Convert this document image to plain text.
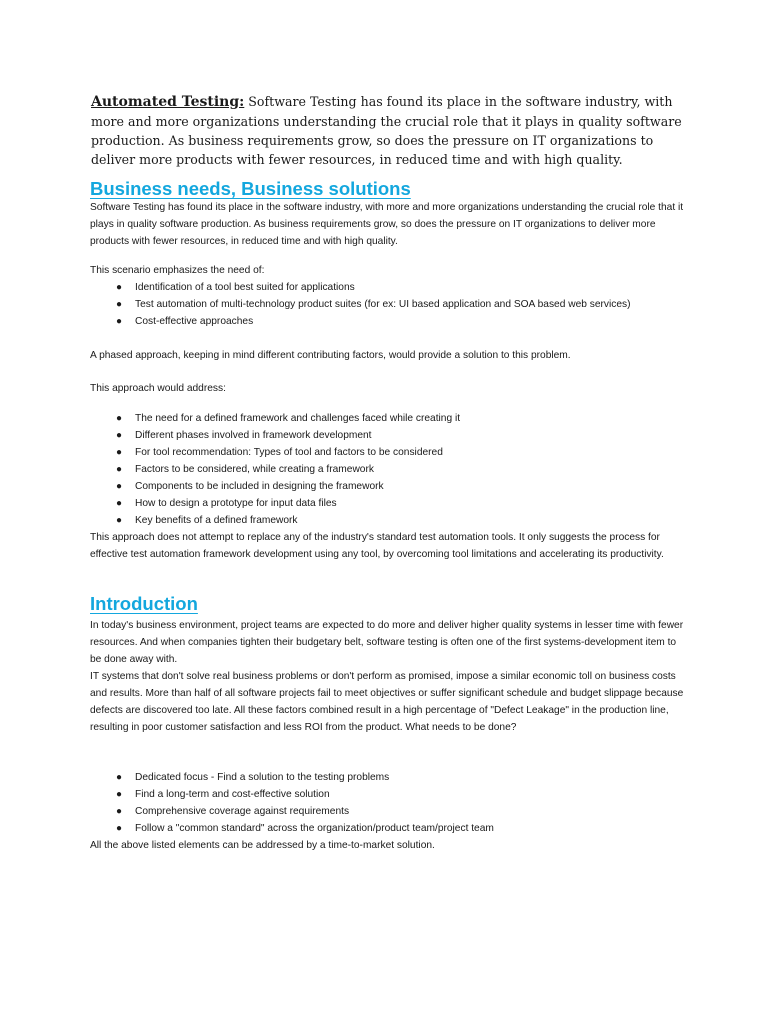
Automated Testing: Software Testing has found its place in the software industry, with more and more organizations understanding the crucial role that it plays in quality software production. As business requirements grow, so does the pressure on IT organizations to deliver more products with fewer resources, in reduced time and with high quality.

Business needs, Business solutions

Software Testing has found its place in the software industry, with more and more organizations understanding the crucial role that it plays in quality software production. As business requirements grow, so does the pressure on IT organizations to deliver more products with fewer resources, in reduced time and with high quality.

This scenario emphasizes the need of:

● Identification of a tool best suited for applications
● Test automation of multi-technology product suites (for ex: UI based application and SOA based web services)
● Cost-effective approaches

A phased approach, keeping in mind different contributing factors, would provide a solution to this problem.

This approach would address:

● The need for a defined framework and challenges faced while creating it
● Different phases involved in framework development
● For tool recommendation: Types of tool and factors to be considered
● Factors to be considered, while creating a framework
● Components to be included in designing the framework
● How to design a prototype for input data files
● Key benefits of a defined framework

This approach does not attempt to replace any of the industry's standard test automation tools. It only suggests the process for effective test automation framework development using any tool, by overcoming tool limitations and accelerating its productivity.

Introduction

In today's business environment, project teams are expected to do more and deliver higher quality systems in lesser time with fewer resources. And when companies tighten their budgetary belt, software testing is often one of the first systems-development item to be done away with.

IT systems that don't solve real business problems or don't perform as promised, impose a similar economic toll on business costs and results. More than half of all software projects fail to meet objectives or suffer significant schedule and budget slippage because defects are discovered too late. All these factors combined result in a high percentage of "Defect Leakage" in the production line, resulting in poor customer satisfaction and less ROI from the product. What needs to be done?

● Dedicated focus - Find a solution to the testing problems
● Find a long-term and cost-effective solution
● Comprehensive coverage against requirements
● Follow a "common standard" across the organization/product team/project team

All the above listed elements can be addressed by a time-to-market solution.
